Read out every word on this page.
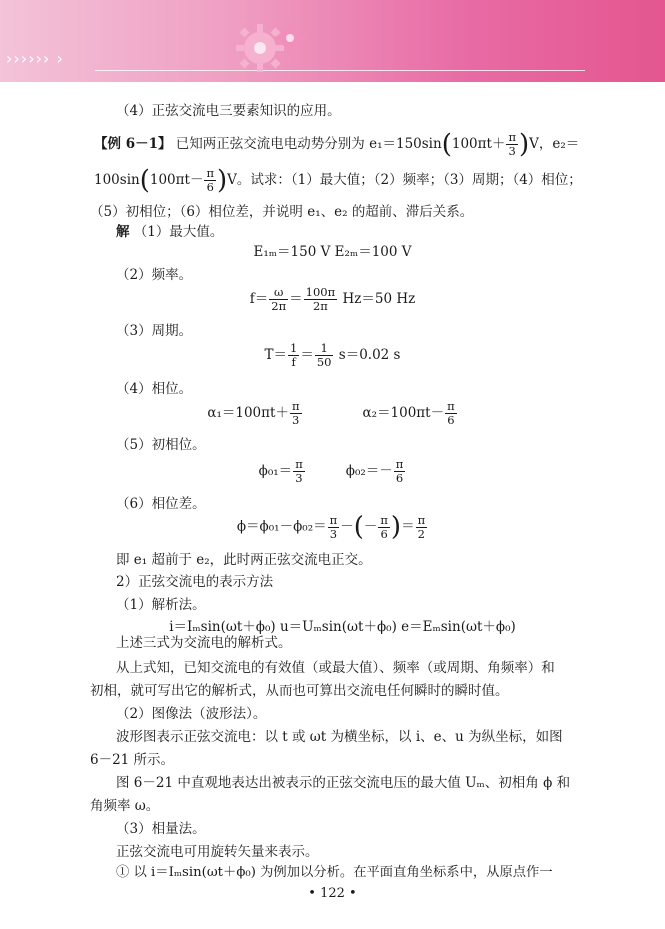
›››››› ›
（4）正弦交流电三要素知识的应用。
【例 6－1】 已知两正弦交流电电动势分别为 $e_1=150\sin(100\pi t+ \frac{\pi}{3} )V$，e₂＝
$100\sin(100\pi t- \frac{\pi}{6} )V$。试求：（1）最大值；（2）频率；（3）周期；（4）相位；
（5）初相位；（6）相位差，并说明 e₁、e₂ 的超前、滞后关系。
解 （1）最大值。
E₁ₘ＝150 V E₂ₘ＝100 V
（2）频率。
$f= \frac{\omega}{2\pi} = \frac{100\pi}{2\pi} Hz=50$ Hz
（3）周期。
$T= \frac{1}{f} = \frac{1}{50} s=0.02$ s
（4）相位。
$\alpha_1=100\pi t+ \frac{\pi}{3}$	$\alpha_2=100\pi t- \frac{\pi}{6}$
（5）初相位。
$\phi_{01}= \frac{\pi}{3}$	$\phi_{02}=- \frac{\pi}{6}$
（6）相位差。
$\phi=\phi_{01}-\phi_{02}= \frac{\pi}{3}$ －(－ $\frac{\pi}{6}$ )＝ $\frac{\pi}{2}$
即 e₁ 超前于 e₂，此时两正弦交流电正交。
2）正弦交流电的表示方法
（1）解析法。
i＝Iₘsin(ωt＋ϕ₀) u＝Uₘsin(ωt＋ϕ₀) e＝Eₘsin(ωt＋ϕ₀)
上述三式为交流电的解析式。
从上式知，已知交流电的有效值（或最大值）、频率（或周期、角频率）和
初相，就可写出它的解析式，从而也可算出交流电任何瞬时的瞬时值。
（2）图像法（波形法）。
波形图表示正弦交流电：以 t 或 ωt 为横坐标，以 i、e、u 为纵坐标，如图
6－21 所示。
图 6－21 中直观地表达出被表示的正弦交流电压的最大值 Uₘ、初相角 ϕ 和
角频率 ω。
（3）相量法。
正弦交流电可用旋转矢量来表示。
① 以 i＝Iₘsin(ωt＋ϕ₀) 为例加以分析。在平面直角坐标系中，从原点作一
• 122 •
